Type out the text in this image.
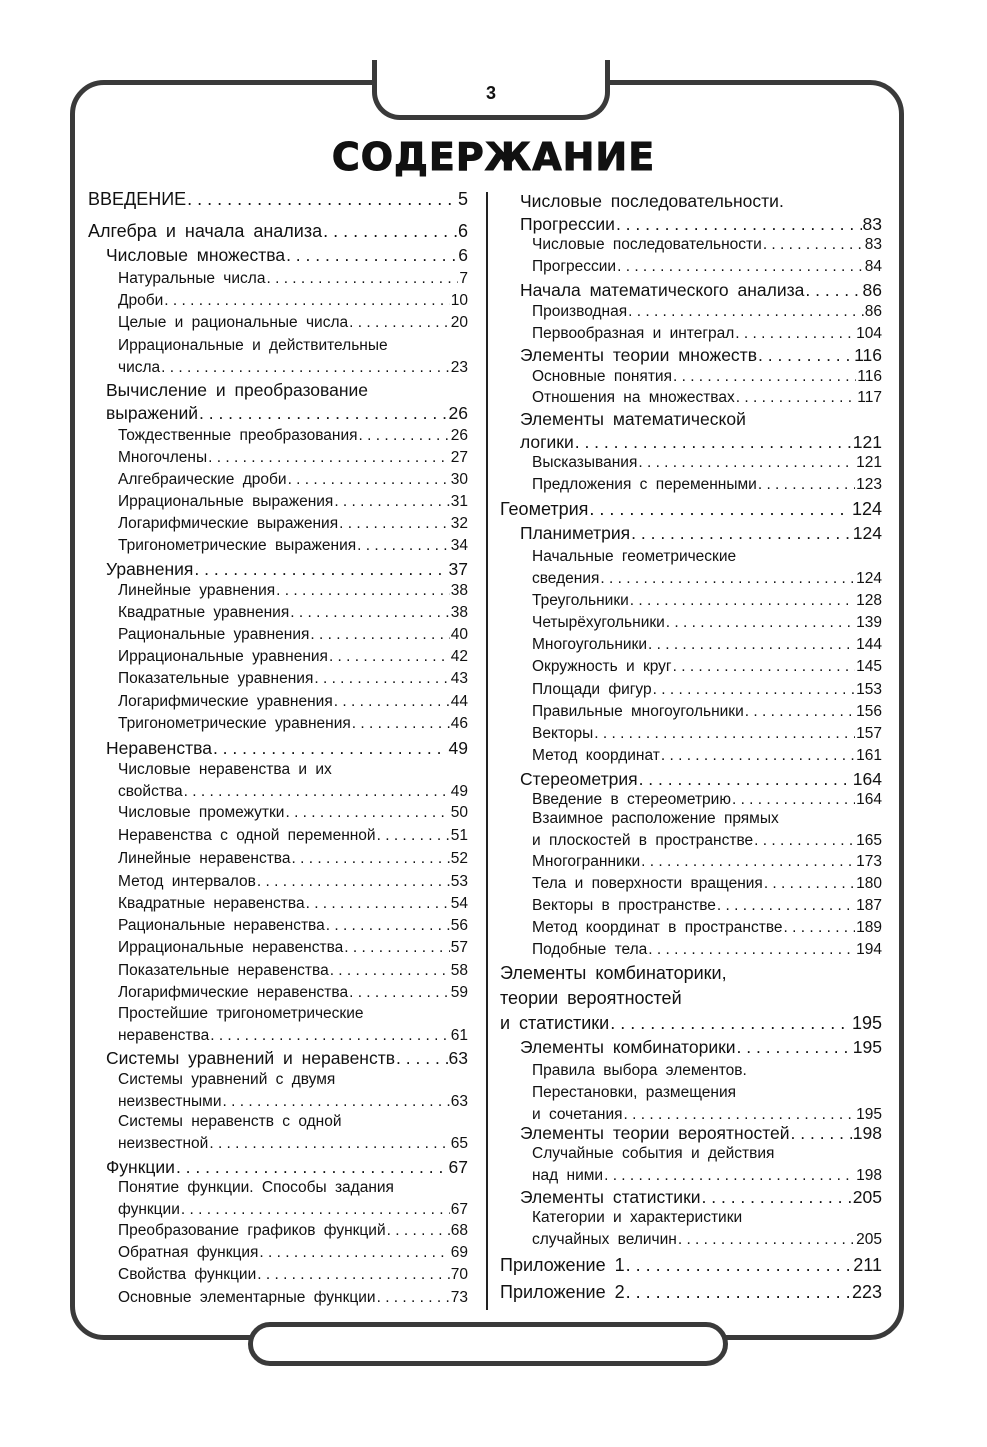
3
СОДЕРЖАНИЕ
ВВЕДЕНИЕ . . .	5
Алгебра и начала анализа . . .	6
Числовые множества . . .	6
Натуральные числа . . .	7
Дроби . . .	10
Целые и рациональные числа . . .	20
Иррациональные и действительные
числа . . .	23
Вычисление и преобразование
выражений . . .	26
Тождественные преобразования . . .	26
Многочлены . . .	27
Алгебраические дроби . . .	30
Иррациональные выражения . . .	31
Логарифмические выражения . . .	32
Тригонометрические выражения . . .	34
Уравнения . . .	37
Линейные уравнения . . .	38
Квадратные уравнения . . .	38
Рациональные уравнения . . .	40
Иррациональные уравнения . . .	42
Показательные уравнения . . .	43
Логарифмические уравнения . . .	44
Тригонометрические уравнения . . .	46
Неравенства . . .	49
Числовые неравенства и их
свойства . . .	49
Числовые промежутки . . .	50
Неравенства с одной переменной . . .	51
Линейные неравенства . . .	52
Метод интервалов . . .	53
Квадратные неравенства . . .	54
Рациональные неравенства . . .	56
Иррациональные неравенства . . .	57
Показательные неравенства . . .	58
Логарифмические неравенства . . .	59
Простейшие тригонометрические
неравенства . . .	61
Системы уравнений и неравенств . . .	63
Системы уравнений с двумя
неизвестными . . .	63
Системы неравенств с одной
неизвестной . . .	65
Функции . . .	67
Понятие функции. Способы задания
функции . . .	67
Преобразование графиков функций . . .	68
Обратная функция . . .	69
Свойства функции . . .	70
Основные элементарные функции . . .	73
Числовые последовательности.
Прогрессии . . .	83
Числовые последовательности . . .	83
Прогрессии . . .	84
Начала математического анализа . . .	86
Производная . . .	86
Первообразная и интеграл . . .	104
Элементы теории множеств . . .	116
Основные понятия . . .	116
Отношения на множествах . . .	117
Элементы математической
логики . . .	121
Высказывания . . .	121
Предложения с переменными . . .	123
Геометрия . . .	124
Планиметрия . . .	124
Начальные геометрические
сведения . . .	124
Треугольники . . .	128
Четырёхугольники . . .	139
Многоугольники . . .	144
Окружность и круг . . .	145
Площади фигур . . .	153
Правильные многоугольники . . .	156
Векторы . . .	157
Метод координат . . .	161
Стереометрия . . .	164
Введение в стереометрию . . .	164
Взаимное расположение прямых
и плоскостей в пространстве . . .	165
Многогранники . . .	173
Тела и поверхности вращения . . .	180
Векторы в пространстве . . .	187
Метод координат в пространстве . . .	189
Подобные тела . . .	194
Элементы комбинаторики,
теории вероятностей
и статистики . . .	195
Элементы комбинаторики . . .	195
Правила выбора элементов.
Перестановки, размещения
и сочетания . . .	195
Элементы теории вероятностей . . .	198
Случайные события и действия
над ними . . .	198
Элементы статистики . . .	205
Категории и характеристики
случайных величин . . .	205
Приложение 1 . . .	211
Приложение 2 . . .	223
